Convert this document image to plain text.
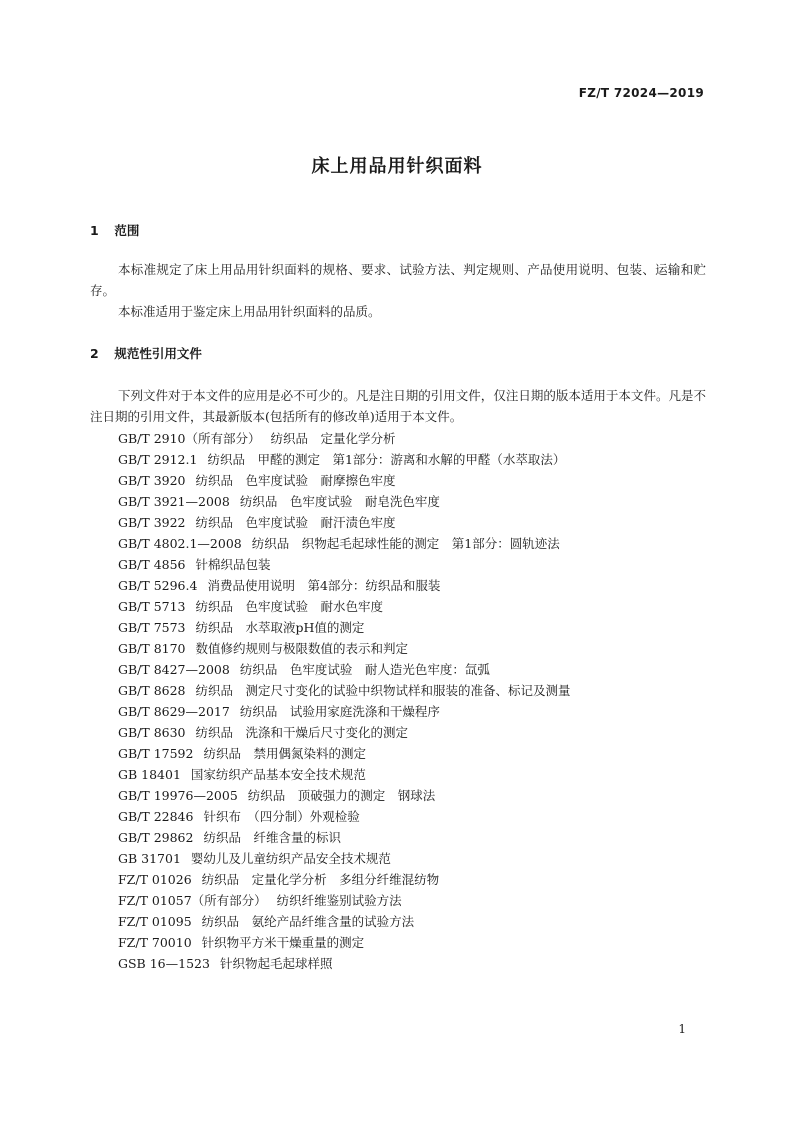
FZ/T 72024—2019
床上用品用针织面料
1 范围

本标准规定了床上用品用针织面料的规格、要求、试验方法、判定规则、产品使用说明、包装、运输和贮存。

本标准适用于鉴定床上用品用针织面料的品质。

2 规范性引用文件

下列文件对于本文件的应用是必不可少的。凡是注日期的引用文件，仅注日期的版本适用于本文件。凡是不注日期的引用文件，其最新版本(包括所有的修改单)适用于本文件。

GB/T 2910（所有部分） 纺织品　定量化学分析
GB/T 2912.1 纺织品　甲醛的测定　第1部分：游离和水解的甲醛（水萃取法）
GB/T 3920 纺织品　色牢度试验　耐摩擦色牢度
GB/T 3921—2008 纺织品　色牢度试验　耐皂洗色牢度
GB/T 3922 纺织品　色牢度试验　耐汗渍色牢度
GB/T 4802.1—2008 纺织品　织物起毛起球性能的测定　第1部分：圆轨迹法
GB/T 4856 针棉织品包装
GB/T 5296.4 消费品使用说明　第4部分：纺织品和服装
GB/T 5713 纺织品　色牢度试验　耐水色牢度
GB/T 7573 纺织品　水萃取液pH值的测定
GB/T 8170 数值修约规则与极限数值的表示和判定
GB/T 8427—2008 纺织品　色牢度试验　耐人造光色牢度：氙弧
GB/T 8628 纺织品　测定尺寸变化的试验中织物试样和服装的准备、标记及测量
GB/T 8629—2017 纺织品　试验用家庭洗涤和干燥程序
GB/T 8630 纺织品　洗涤和干燥后尺寸变化的测定
GB/T 17592 纺织品　禁用偶氮染料的测定
GB 18401 国家纺织产品基本安全技术规范
GB/T 19976—2005 纺织品　顶破强力的测定　钢球法
GB/T 22846 针织布　（四分制）外观检验
GB/T 29862 纺织品　纤维含量的标识
GB 31701 婴幼儿及儿童纺织产品安全技术规范
FZ/T 01026 纺织品　定量化学分析　多组分纤维混纺物
FZ/T 01057（所有部分） 纺织纤维鉴别试验方法
FZ/T 01095 纺织品　氨纶产品纤维含量的试验方法
FZ/T 70010 针织物平方米干燥重量的测定
GSB 16—1523 针织物起毛起球样照
1
